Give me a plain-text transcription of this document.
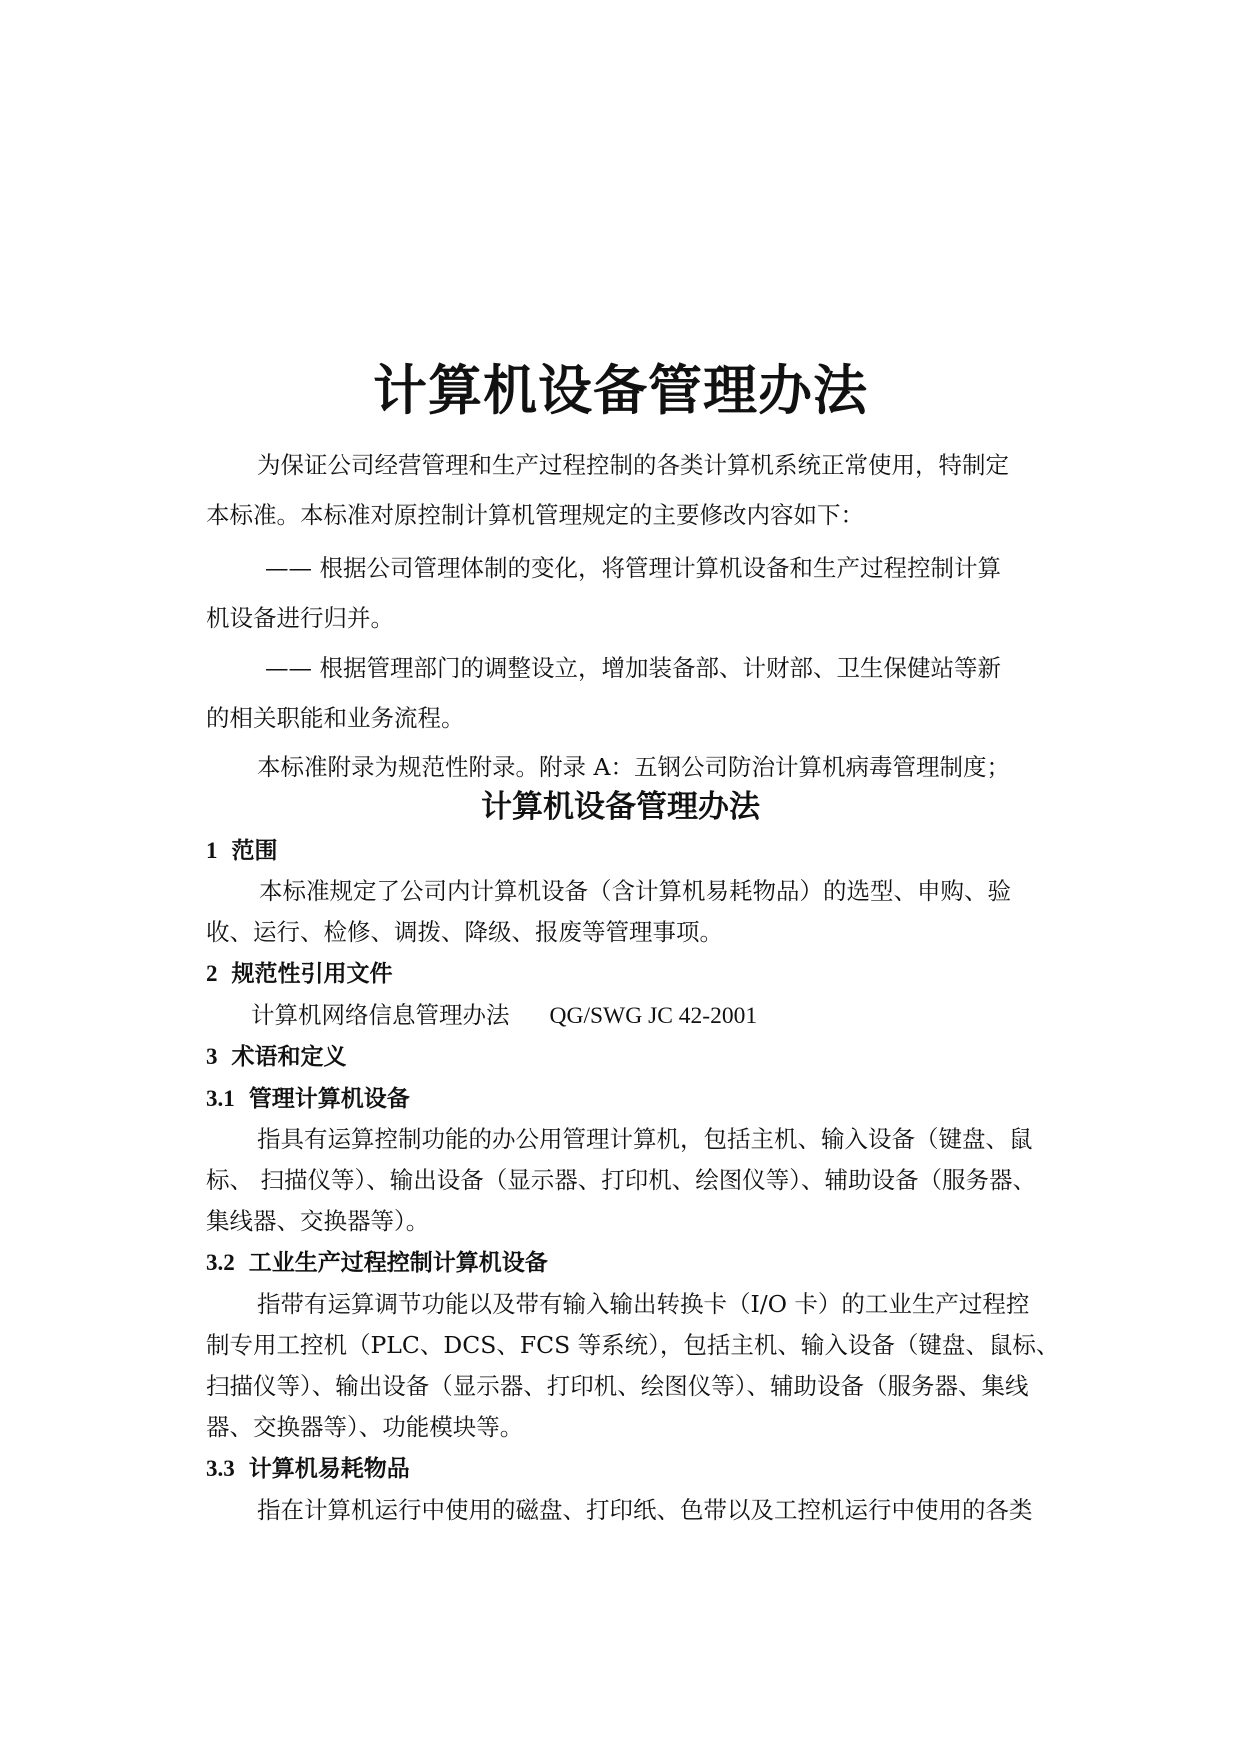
计算机设备管理办法

为保证公司经营管理和生产过程控制的各类计算机系统正常使用，特制定

本标准。本标准对原控制计算机管理规定的主要修改内容如下：

—— 根据公司管理体制的变化，将管理计算机设备和生产过程控制计算

机设备进行归并。

—— 根据管理部门的调整设立，增加装备部、计财部、卫生保健站等新

的相关职能和业务流程。

本标准附录为规范性附录。附录 A：五钢公司防治计算机病毒管理制度；

计算机设备管理办法
1 范围

本标准规定了公司内计算机设备（含计算机易耗物品）的选型、申购、验

收、运行、检修、调拨、降级、报废等管理事项。

2 规范性引用文件

计算机网络信息管理办法 QG/SWG JC 42-2001

3 术语和定义
3.1 管理计算机设备

指具有运算控制功能的办公用管理计算机，包括主机、输入设备（键盘、鼠

标、 扫描仪等）、输出设备（显示器、打印机、绘图仪等）、辅助设备（服务器、

集线器、交换器等）。

3.2 工业生产过程控制计算机设备

指带有运算调节功能以及带有输入输出转换卡（I/O 卡）的工业生产过程控

制专用工控机（PLC、DCS、FCS 等系统），包括主机、输入设备（键盘、鼠标、

扫描仪等）、输出设备（显示器、打印机、绘图仪等）、辅助设备（服务器、集线

器、交换器等）、功能模块等。

3.3 计算机易耗物品

指在计算机运行中使用的磁盘、打印纸、色带以及工控机运行中使用的各类
